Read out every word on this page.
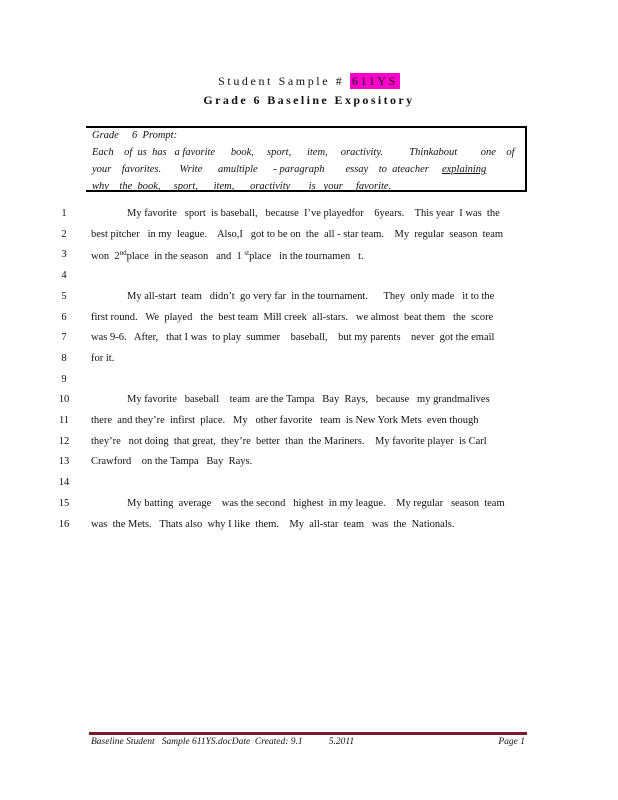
Student Sample # 611YS
Grade 6 Baseline Expository
Grade     6  Prompt:
Each    of  us  has   a favorite      book,     sport,      item,     oractivity.          Thinkabout         one    of
your    favorites.       Write      amultiple      - paragraph        essay    to  ateacher     explaining
why    the  book,     sport,      item,      oractivity       is   your     favorite.
1	My favorite   sport  is baseball,   because  I’ve playedfor    6years.    This year  I was  the
2	best pitcher   in my  league.    Also,I   got to be on  the  all - star team.    My  regular  season  team
3	won  2ndplace  in the season   and  1 $^{st}$place   in the tournamen   t.
4
5	My all-start  team   didn’t  go very far  in the tournament.      They  only made   it to the
6	first round.   We  played   the  best team  Mill creek  all-stars.   we almost  beat them   the  score
7	was 9-6.   After,   that I was  to play  summer    baseball,    but my parents    never  got the email
8	for it.
9
10	My favorite   baseball    team  are the Tampa   Bay  Rays,   because   my grandmalives
11 there  and they’re  infirst  place.   My   other favorite   team  is New York Mets  even though
12 they’re   not doing  that great,  they’re  better  than  the Mariners.    My favorite player  is Carl
13 Crawford    on the Tampa   Bay  Rays.
14
15	My batting  average    was the second   highest  in my league.    My regular   season  team
16 was  the Mets.   Thats also  why I like  them.    My  all-star  team   was  the  Nationals.
Baseline Student   Sample 611YS.docDate  Created: 9.1           5.2011	Page 1
